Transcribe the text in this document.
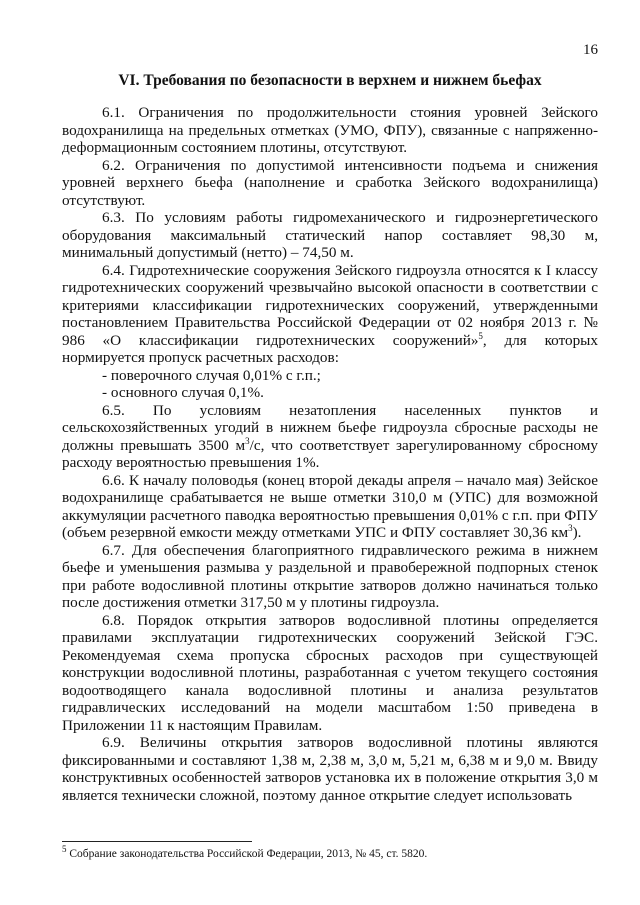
16
VI. Требования по безопасности в верхнем и нижнем бьефах

6.1. Ограничения по продолжительности стояния уровней Зейского водохранилища на предельных отметках (УМО, ФПУ), связанные с напряженно-деформационным состоянием плотины, отсутствуют.

6.2. Ограничения по допустимой интенсивности подъема и снижения уровней верхнего бьефа (наполнение и сработка Зейского водохранилища) отсутствуют.

6.3. По условиям работы гидромеханического и гидроэнергетического оборудования максимальный статический напор составляет 98,30 м, минимальный допустимый (нетто) – 74,50 м.

6.4. Гидротехнические сооружения Зейского гидроузла относятся к I классу гидротехнических сооружений чрезвычайно высокой опасности в соответствии с критериями классификации гидротехнических сооружений, утвержденными постановлением Правительства Российской Федерации от 02 ноября 2013 г. № 986 «О классификации гидротехнических сооружений»$^5$, для которых нормируется пропуск расчетных расходов:

- поверочного случая 0,01% с г.п.;

- основного случая 0,1%.

6.5. По условиям незатопления населенных пунктов и сельскохозяйственных угодий в нижнем бьефе гидроузла сбросные расходы не должны превышать 3500 $м^3/с$, что соответствует зарегулированному сбросному расходу вероятностью превышения 1%.

6.6. К началу половодья (конец второй декады апреля – начало мая) Зейское водохранилище срабатывается не выше отметки 310,0 м (УПС) для возможной аккумуляции расчетного паводка вероятностью превышения 0,01% с г.п. при ФПУ (объем резервной емкости между отметками УПС и ФПУ составляет 30,36 $км^3$).

6.7. Для обеспечения благоприятного гидравлического режима в нижнем бьефе и уменьшения размыва у раздельной и правобережной подпорных стенок при работе водосливной плотины открытие затворов должно начинаться только после достижения отметки 317,50 м у плотины гидроузла.

6.8. Порядок открытия затворов водосливной плотины определяется правилами эксплуатации гидротехнических сооружений Зейской ГЭС. Рекомендуемая схема пропуска сбросных расходов при существующей конструкции водосливной плотины, разработанная с учетом текущего состояния водоотводящего канала водосливной плотины и анализа результатов гидравлических исследований на модели масштабом 1:50 приведена в Приложении 11 к настоящим Правилам.

6.9. Величины открытия затворов водосливной плотины являются фиксированными и составляют 1,38 м, 2,38 м, 3,0 м, 5,21 м, 6,38 м и 9,0 м. Ввиду конструктивных особенностей затворов установка их в положение открытия 3,0 м является технически сложной, поэтому данное открытие следует использовать

$^5$ Собрание законодательства Российской Федерации, 2013, № 45, ст. 5820.
